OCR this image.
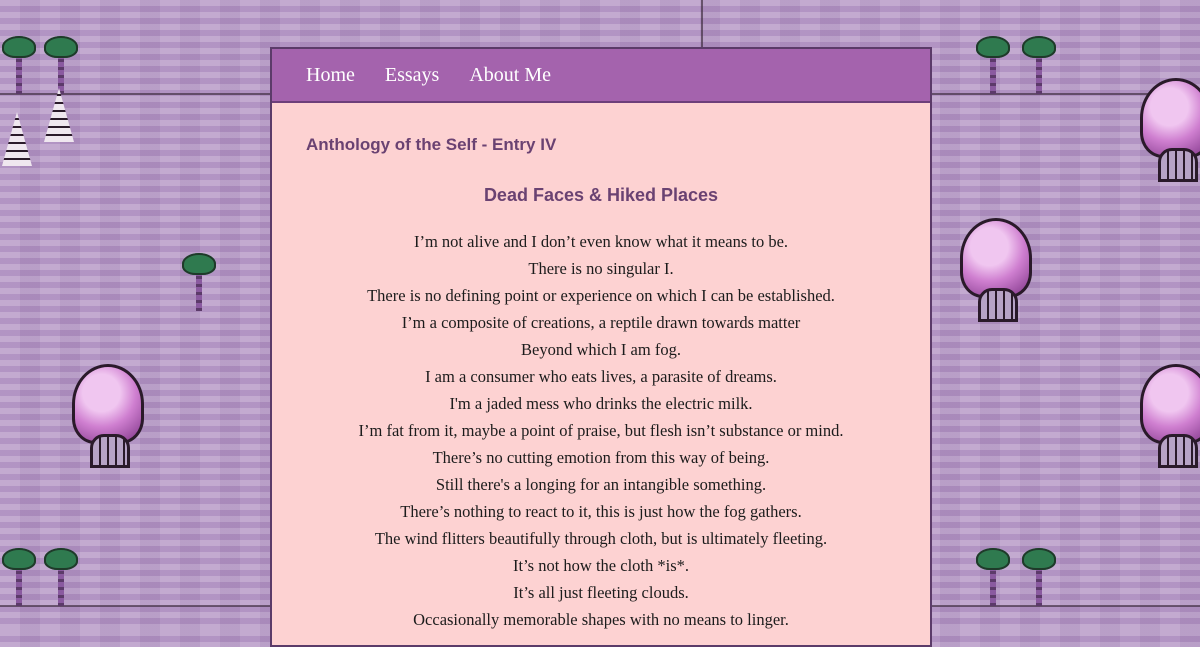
Home Essays About Me
Anthology of the Self - Entry IV
Dead Faces & Hiked Places
I’m not alive and I don’t even know what it means to be.
There is no singular I.
There is no defining point or experience on which I can be established.
I’m a composite of creations, a reptile drawn towards matter
Beyond which I am fog.
I am a consumer who eats lives, a parasite of dreams.
I'm a jaded mess who drinks the electric milk.
I’m fat from it, maybe a point of praise, but flesh isn’t substance or mind.
There’s no cutting emotion from this way of being.
Still there's a longing for an intangible something.
There’s nothing to react to it, this is just how the fog gathers.
The wind flitters beautifully through cloth, but is ultimately fleeting.
It’s not how the cloth *is*.
It’s all just fleeting clouds.
Occasionally memorable shapes with no means to linger.
